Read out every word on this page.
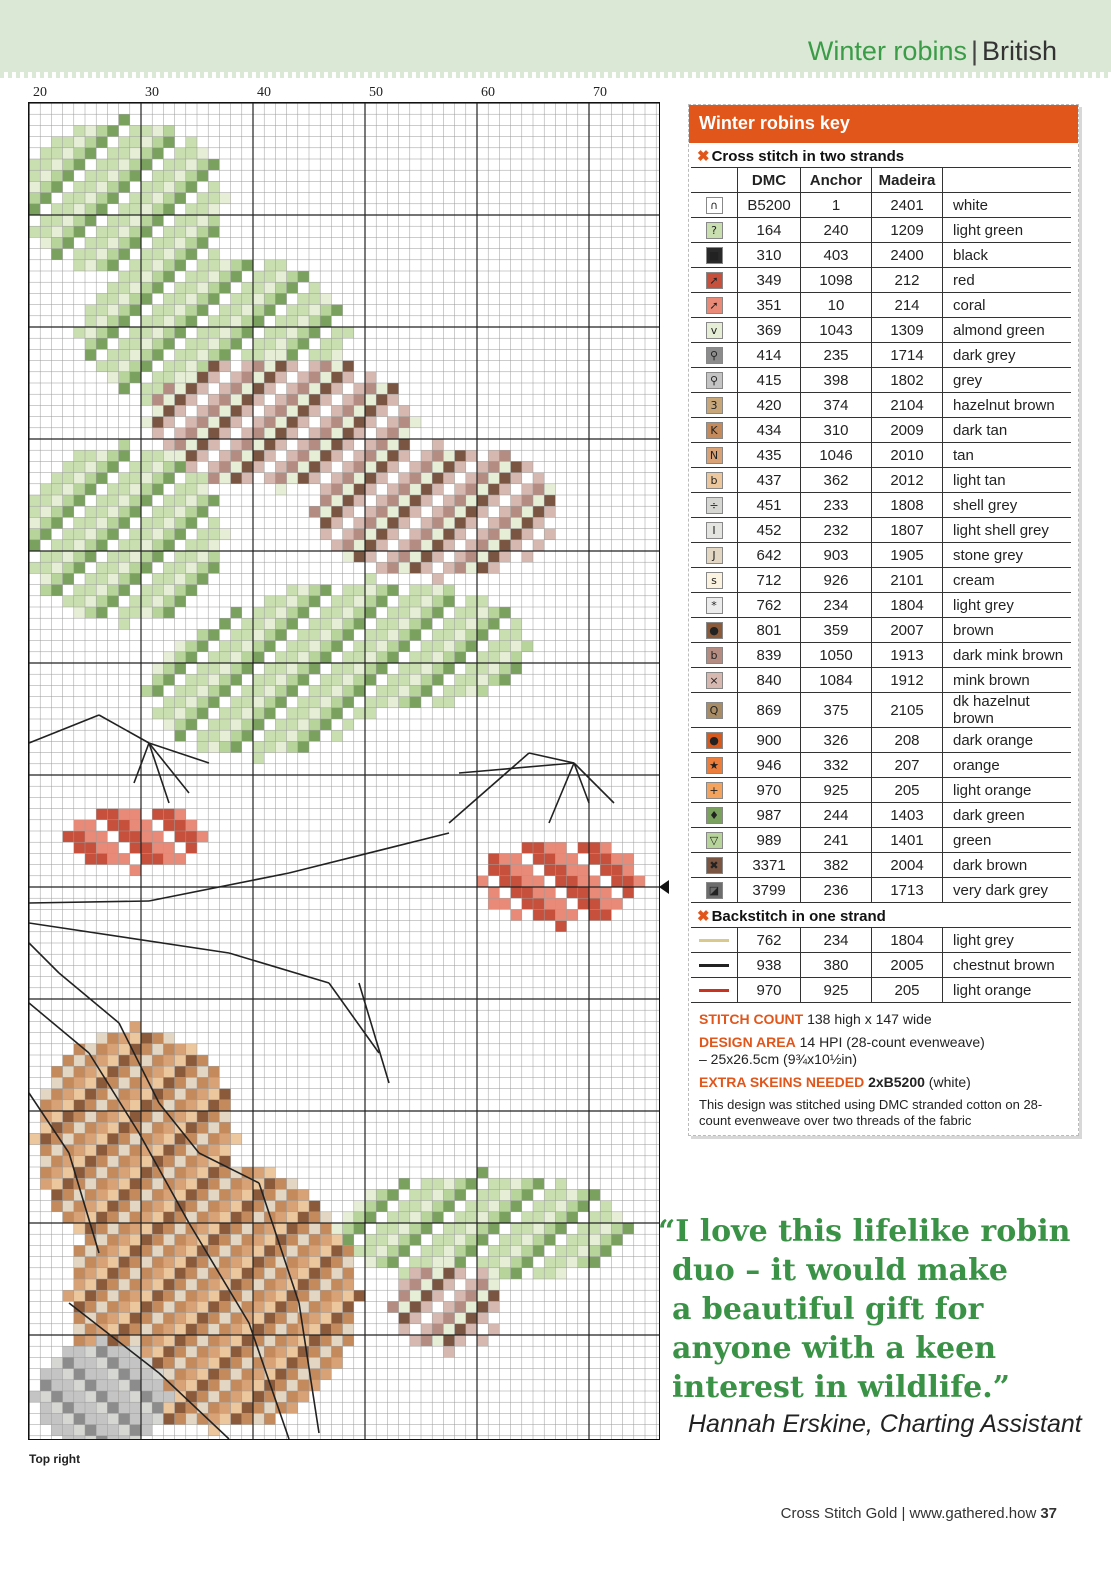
Winter robins | British
20	30	40	50	60	70
Top right
Winter robins key
✖ Cross stitch in two strands
	DMC	Anchor	Madeira	
∩	B5200	1	2401	white
?	164	240	1209	light green
■	310	403	2400	black
➚	349	1098	212	red
➚	351	10	214	coral
v	369	1043	1309	almond green
⚲	414	235	1714	dark grey
⚲	415	398	1802	grey
3	420	374	2104	hazelnut brown
K	434	310	2009	dark tan
N	435	1046	2010	tan
b	437	362	2012	light tan
÷	451	233	1808	shell grey
I	452	232	1807	light shell grey
J	642	903	1905	stone grey
s	712	926	2101	cream
*	762	234	1804	light grey
●	801	359	2007	brown
b	839	1050	1913	dark mink brown
×	840	1084	1912	mink brown
Q	869	375	2105	dk hazelnut brown
●	900	326	208	dark orange
★	946	332	207	orange
+	970	925	205	light orange
♦	987	244	1403	dark green
▽	989	241	1401	green
✖	3371	382	2004	dark brown
◪	3799	236	1713	very dark grey
✖ Backstitch in one strand
	762	234	1804	light grey
	938	380	2005	chestnut brown
	970	925	205	light orange

STITCH COUNT 138 high x 147 wide

DESIGN AREA 14 HPI (28-count evenweave)
– 25x26.5cm (9¾x10½in)

EXTRA SKEINS NEEDED 2xB5200 (white)

This design was stitched using DMC stranded cotton on 28-count evenweave over two threads of the fabric

“I love this lifelike robin
duo – it would make
a beautiful gift for
anyone with a keen
interest in wildlife.”
Hannah Erskine, Charting Assistant
Cross Stitch Gold | www.gathered.how 37
